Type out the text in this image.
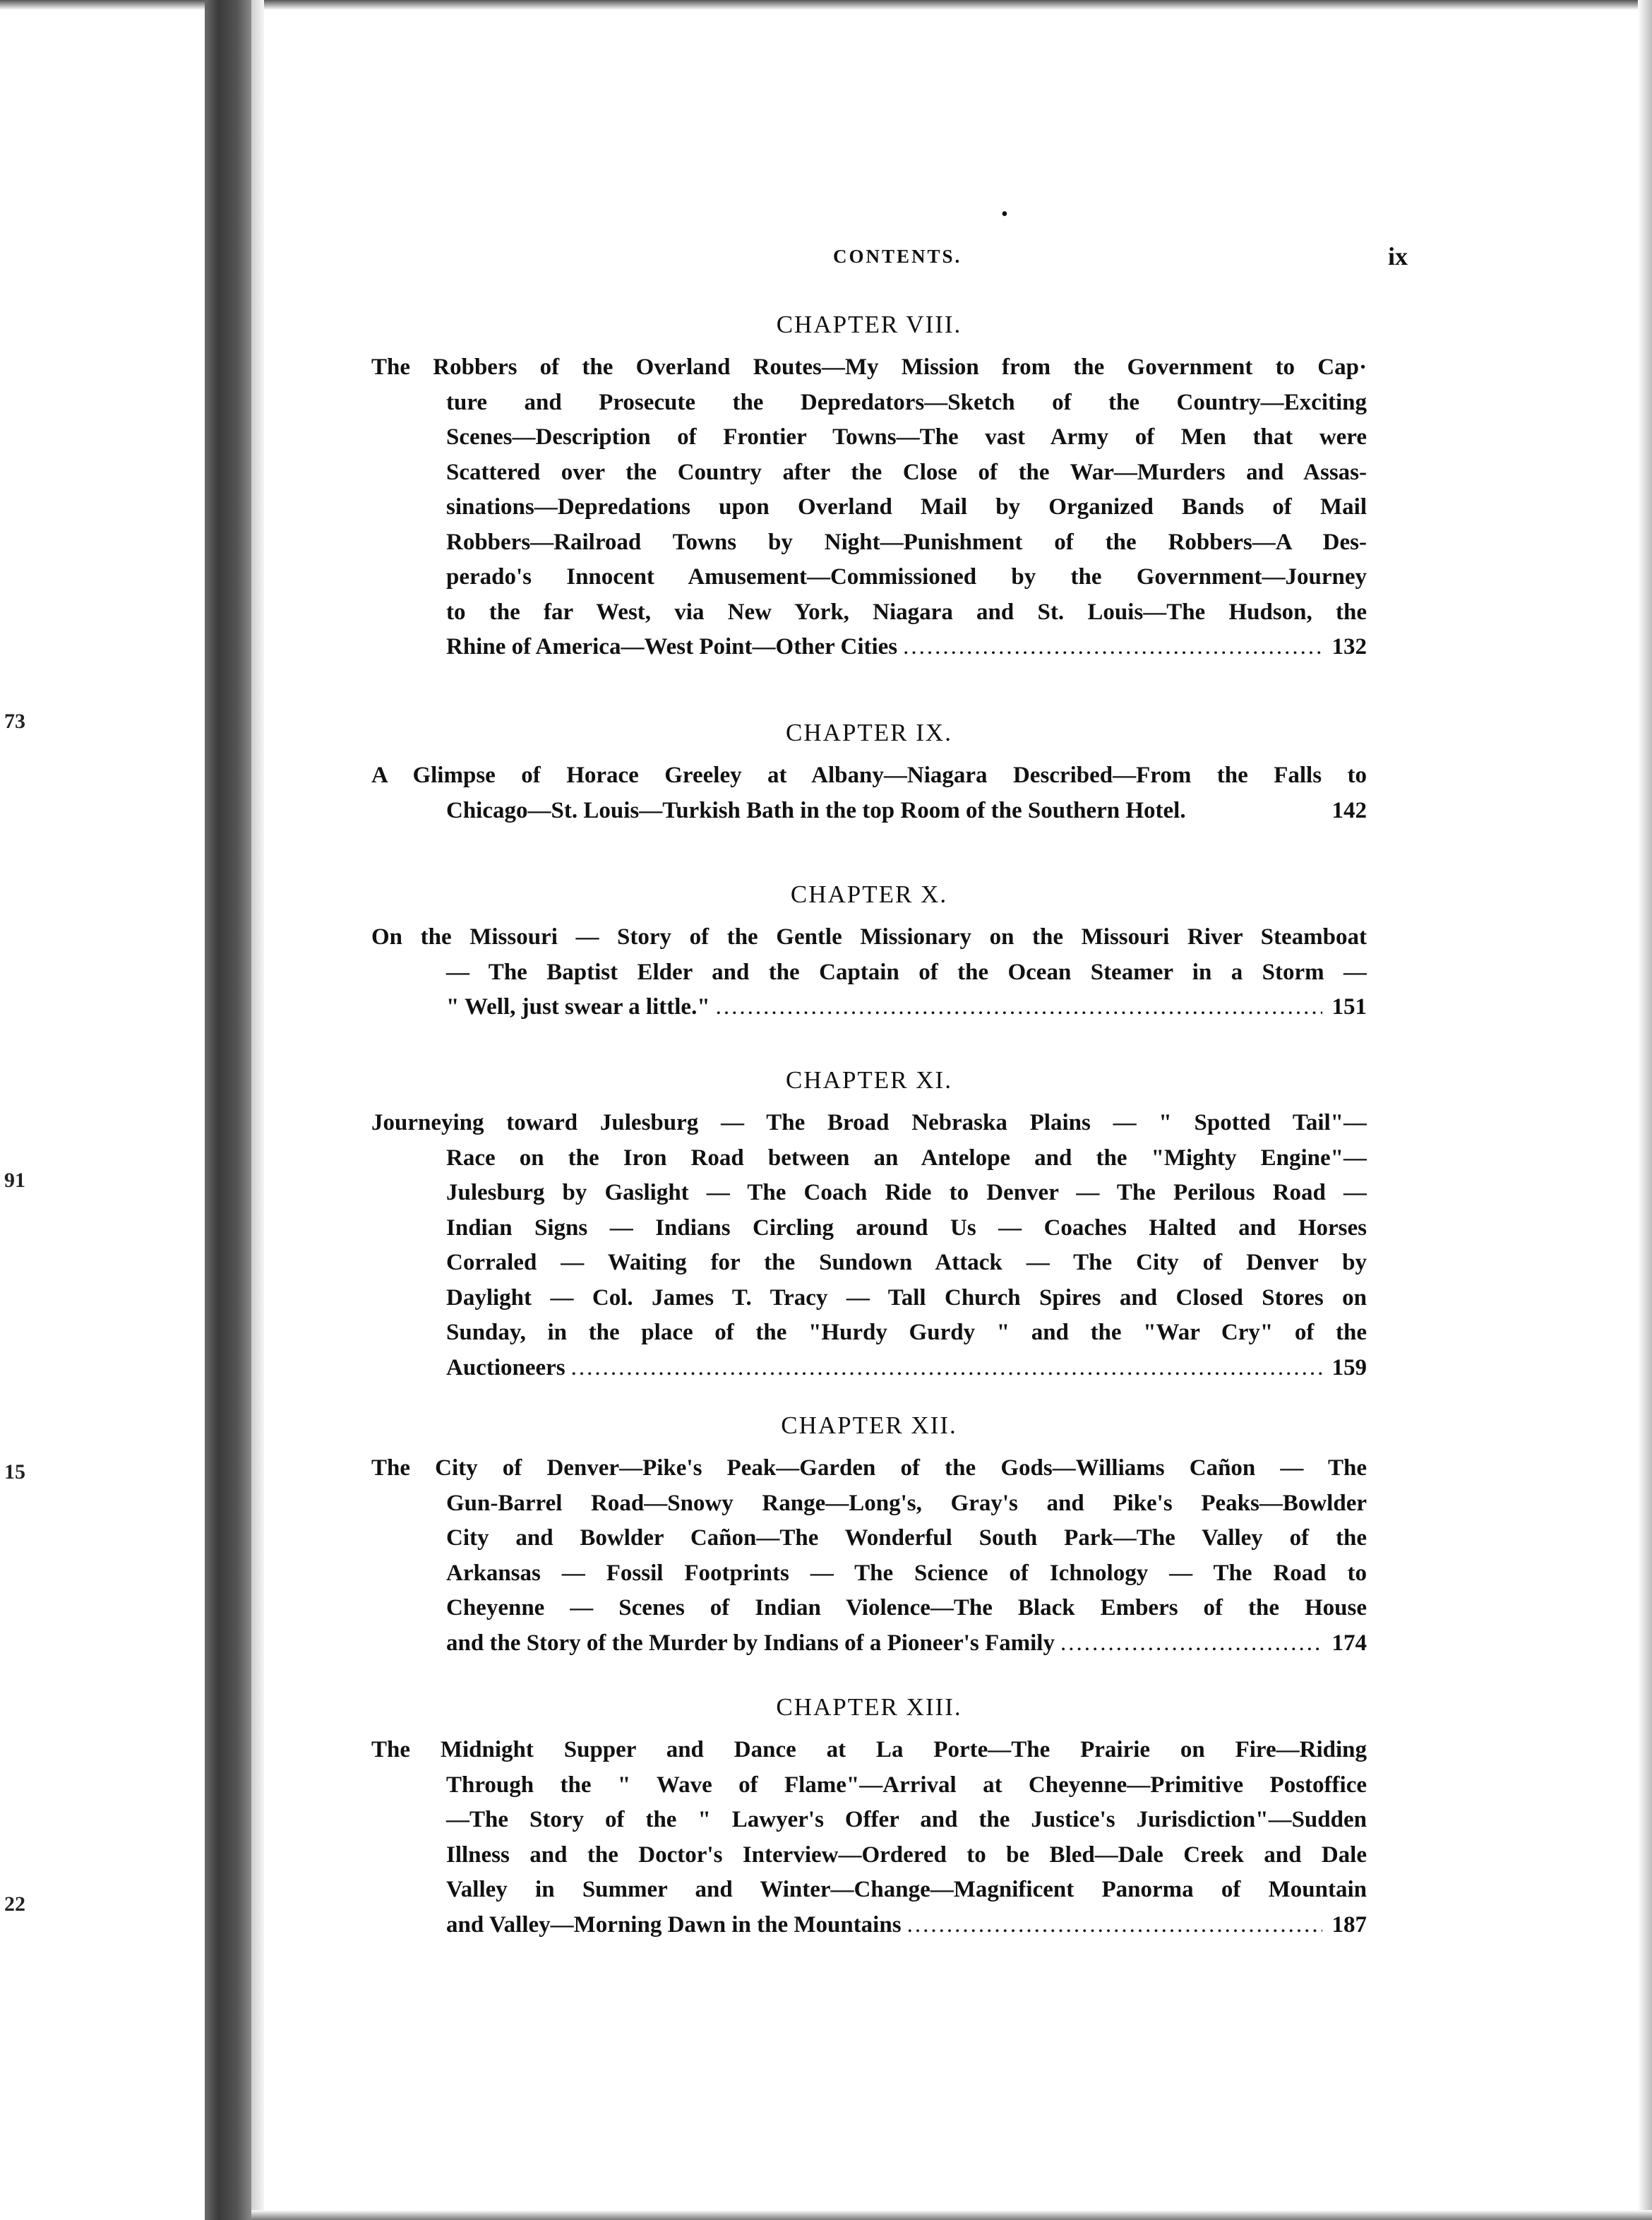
73
91
15
22
•
CONTENTS.	ix
CHAPTER VIII.
The Robbers of the Overland Routes—My Mission from the Government to Cap·
ture and Prosecute the Depredators—Sketch of the Country—Exciting
Scenes—Description of Frontier Towns—The vast Army of Men that were
Scattered over the Country after the Close of the War—Murders and Assas-
sinations—Depredations upon Overland Mail by Organized Bands of Mail
Robbers—Railroad Towns by Night—Punishment of the Robbers—A Des-
perado's Innocent Amusement—Commissioned by the Government—Journey
to the far West, via New York, Niagara and St. Louis—The Hudson, the
Rhine of America—West Point—Other Cities .....	132
CHAPTER IX.
A Glimpse of Horace Greeley at Albany—Niagara Described—From the Falls to
Chicago—St. Louis—Turkish Bath in the top Room of the Southern Hotel.	142
CHAPTER X.
On the Missouri — Story of the Gentle Missionary on the Missouri River Steamboat
— The Baptist Elder and the Captain of the Ocean Steamer in a Storm —
" Well, just swear a little." .....	151
CHAPTER XI.
Journeying toward Julesburg — The Broad Nebraska Plains — " Spotted Tail"—
Race on the Iron Road between an Antelope and the "Mighty Engine"—
Julesburg by Gaslight — The Coach Ride to Denver — The Perilous Road —
Indian Signs — Indians Circling around Us — Coaches Halted and Horses
Corraled — Waiting for the Sundown Attack — The City of Denver by
Daylight — Col. James T. Tracy — Tall Church Spires and Closed Stores on
Sunday, in the place of the "Hurdy Gurdy " and the "War Cry" of the
Auctioneers .....	159
CHAPTER XII.
The City of Denver—Pike's Peak—Garden of the Gods—Williams Cañon — The
Gun-Barrel Road—Snowy Range—Long's, Gray's and Pike's Peaks—Bowlder
City and Bowlder Cañon—The Wonderful South Park—The Valley of the
Arkansas — Fossil Footprints — The Science of Ichnology — The Road to
Cheyenne — Scenes of Indian Violence—The Black Embers of the House
and the Story of the Murder by Indians of a Pioneer's Family .....	174
CHAPTER XIII.
The Midnight Supper and Dance at La Porte—The Prairie on Fire—Riding
Through the " Wave of Flame"—Arrival at Cheyenne—Primitive Postoffice
—The Story of the " Lawyer's Offer and the Justice's Jurisdiction"—Sudden
Illness and the Doctor's Interview—Ordered to be Bled—Dale Creek and Dale
Valley in Summer and Winter—Change—Magnificent Panorma of Mountain
and Valley—Morning Dawn in the Mountains .....	187
